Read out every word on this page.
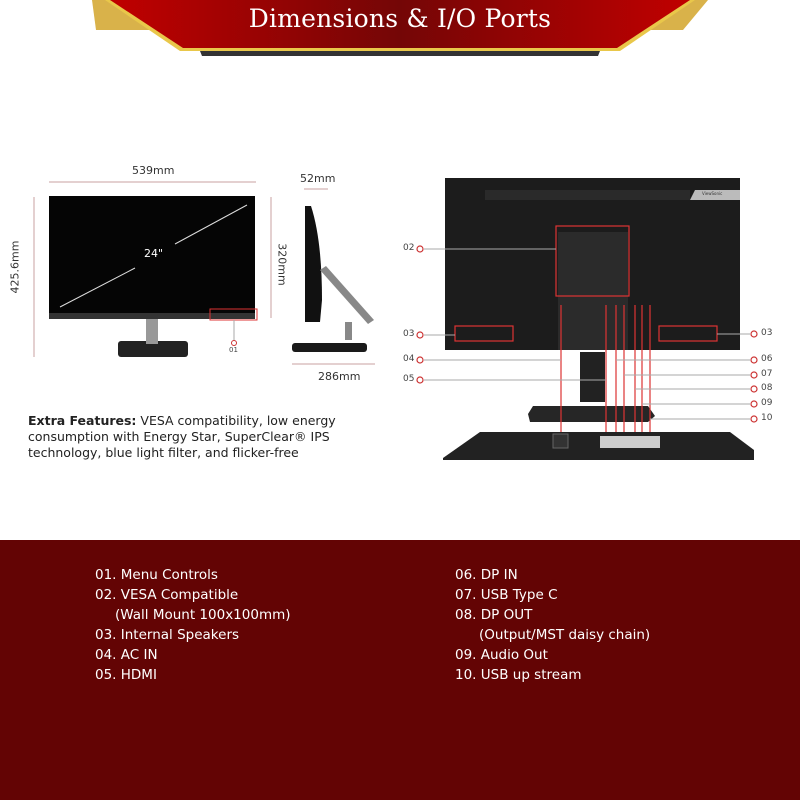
Dimensions & I/O Ports
539mm
425.6mm	320mm
24"
01
52mm
286mm
02
03
04
05
03
06
07
08
09
10
ViewSonic
Extra Features: VESA compatibility, low energy consumption with Energy Star, SuperClear® IPS technology, blue light filter, and flicker-free
01. Menu Controls
02. VESA Compatible
(Wall Mount 100x100mm)
03. Internal Speakers
04. AC IN
05. HDMI
06. DP IN
07. USB Type C
08. DP OUT
(Output/MST daisy chain)
09. Audio Out
10. USB up stream
